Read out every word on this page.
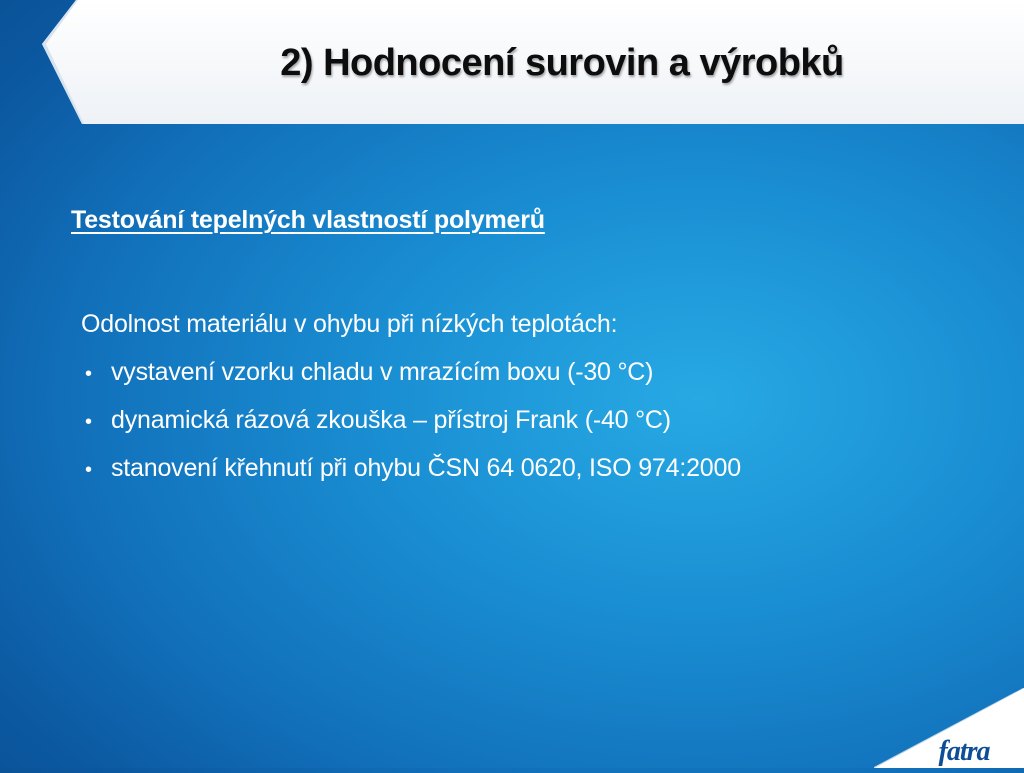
2) Hodnocení surovin a výrobků

Testování tepelných vlastností polymerů

Odolnost materiálu v ohybu při nízkých teplotách:

• vystavení vzorku chladu v mrazícím boxu (-30 °C)
• dynamická rázová zkouška – přístroj Frank (-40 °C)
• stanovení křehnutí při ohybu ČSN 64 0620, ISO 974:2000
fatra
